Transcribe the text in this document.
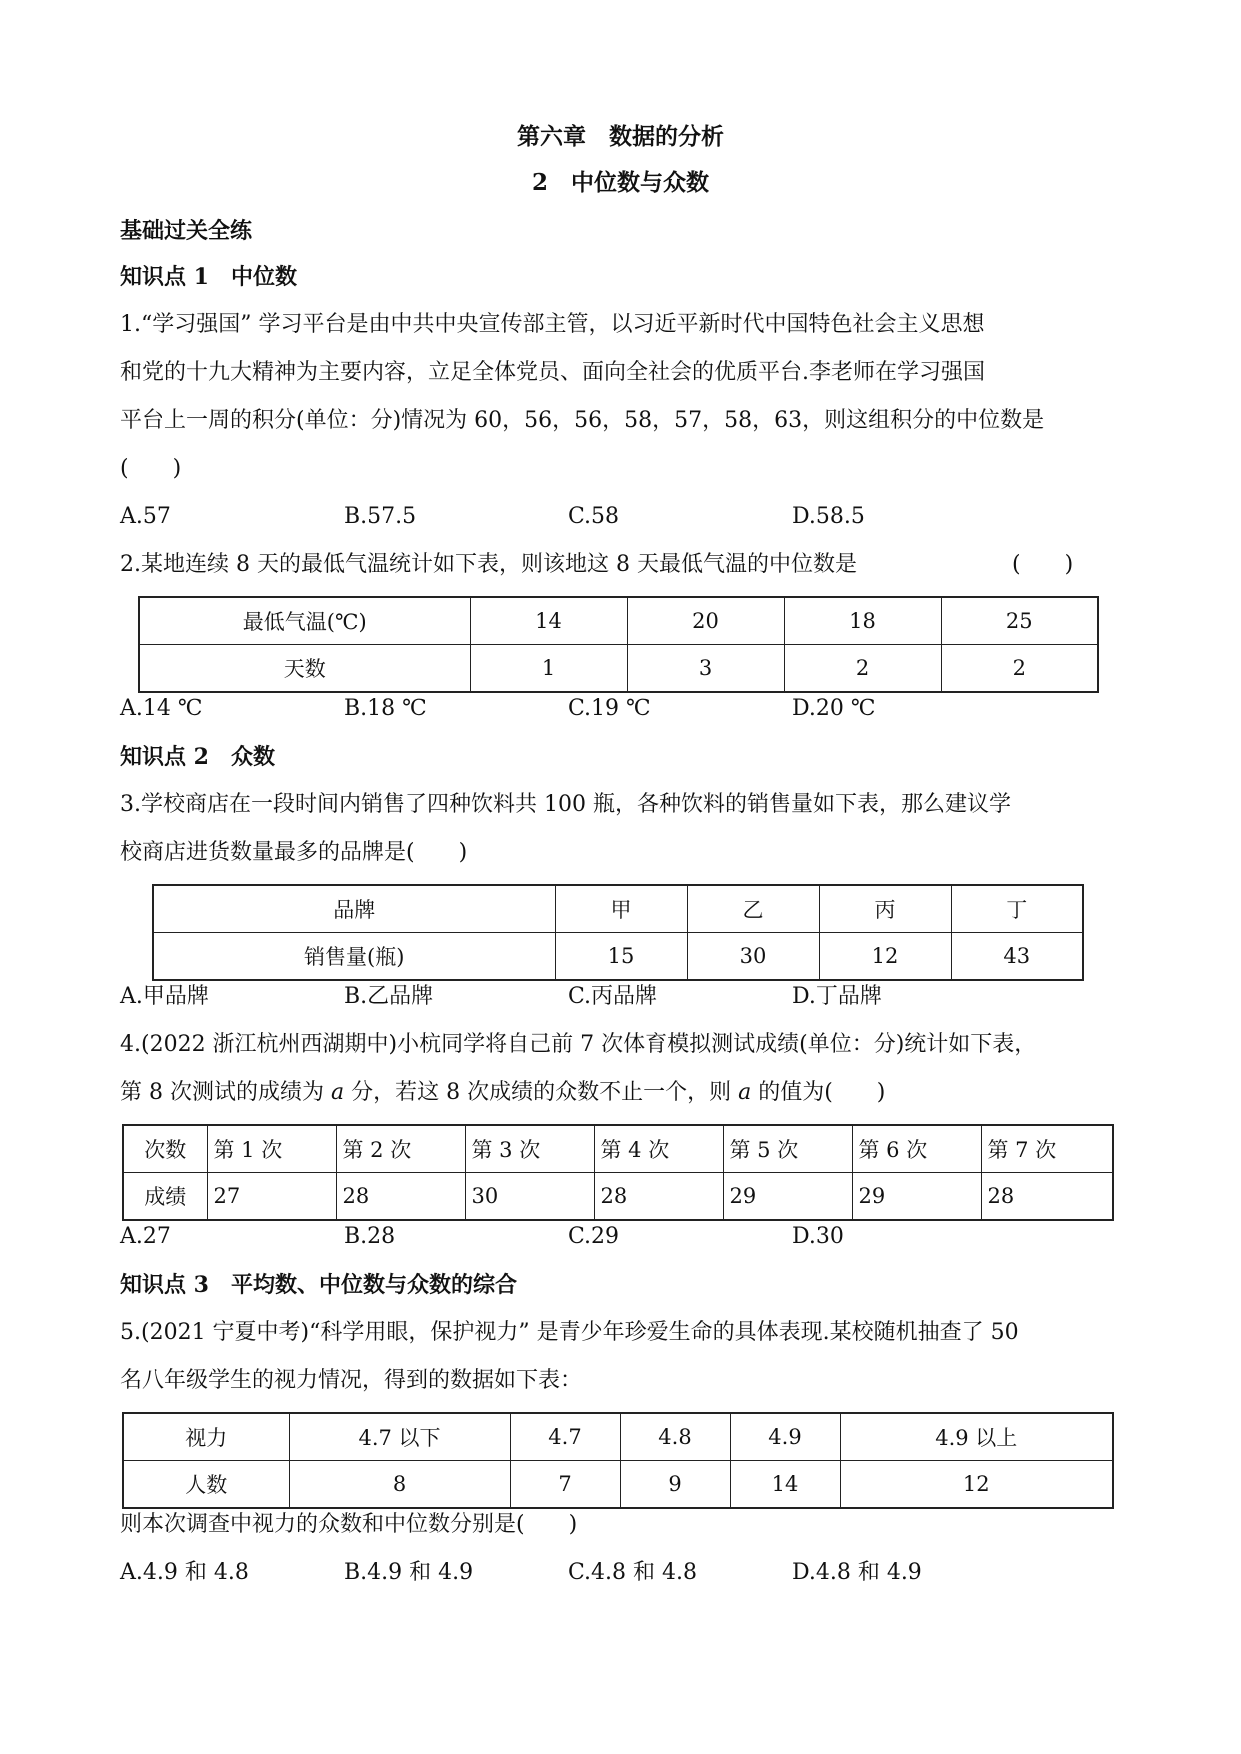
第六章　数据的分析
2　中位数与众数
基础过关全练
知识点 1　中位数
1.“学习强国” 学习平台是由中共中央宣传部主管，以习近平新时代中国特色社会主义思想
和党的十九大精神为主要内容，立足全体党员、面向全社会的优质平台.李老师在学习强国
平台上一周的积分(单位：分)情况为 60，56，56，58，57，58，63，则这组积分的中位数是
(　　)
A.57	B.57.5	C.58	D.58.5
2.某地连续 8 天的最低气温统计如下表，则该地这 8 天最低气温的中位数是	(　　)
最低气温(℃)	14	20	18	25
天数	1	3	2	2
A.14 ℃	B.18 ℃	C.19 ℃	D.20 ℃
知识点 2　众数
3.学校商店在一段时间内销售了四种饮料共 100 瓶，各种饮料的销售量如下表，那么建议学
校商店进货数量最多的品牌是(　　)
品牌	甲	乙	丙	丁
销售量(瓶)	15	30	12	43
A.甲品牌	B.乙品牌	C.丙品牌	D.丁品牌
4.(2022 浙江杭州西湖期中)小杭同学将自己前 7 次体育模拟测试成绩(单位：分)统计如下表，
第 8 次测试的成绩为 a 分，若这 8 次成绩的众数不止一个，则 a 的值为(　　)
次数	第 1 次	第 2 次	第 3 次	第 4 次	第 5 次	第 6 次	第 7 次
成绩	27	28	30	28	29	29	28
A.27	B.28	C.29	D.30
知识点 3　平均数、中位数与众数的综合
5.(2021 宁夏中考)“科学用眼，保护视力” 是青少年珍爱生命的具体表现.某校随机抽查了 50
名八年级学生的视力情况，得到的数据如下表：
视力	4.7 以下	4.7	4.8	4.9	4.9 以上
人数	8	7	9	14	12
则本次调查中视力的众数和中位数分别是(　　)
A.4.9 和 4.8	B.4.9 和 4.9	C.4.8 和 4.8	D.4.8 和 4.9
